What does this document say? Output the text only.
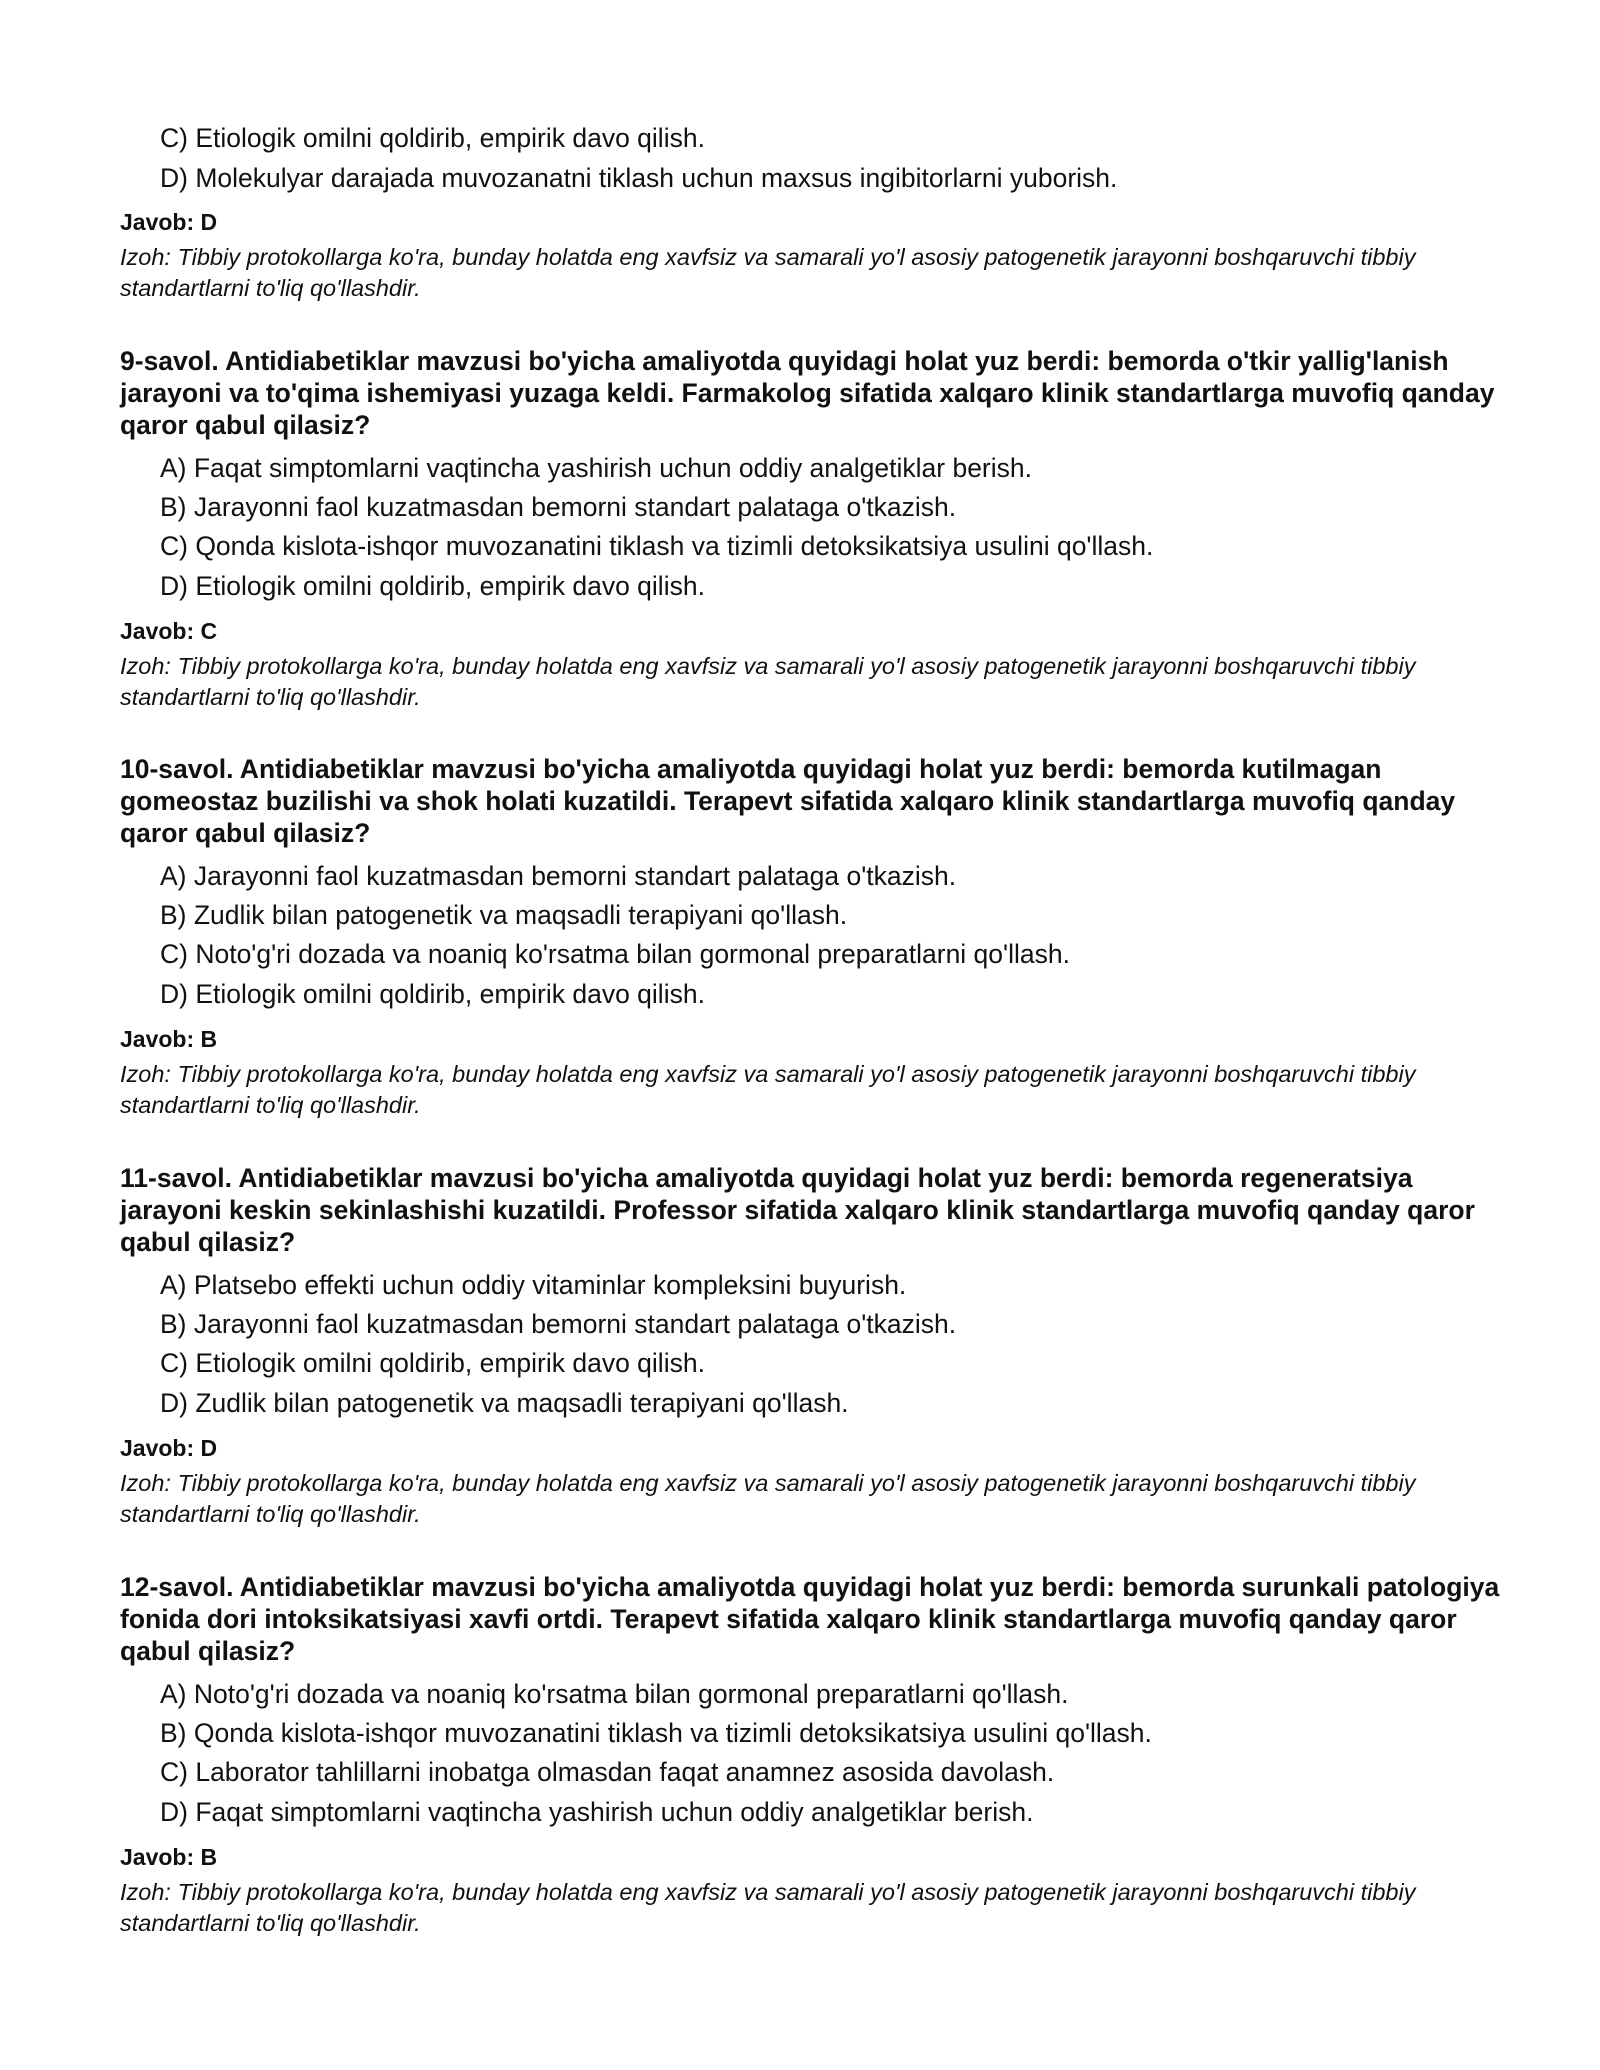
C) Etiologik omilni qoldirib, empirik davo qilish.
D) Molekulyar darajada muvozanatni tiklash uchun maxsus ingibitorlarni yuborish.
Javob: D
Izoh: Tibbiy protokollarga ko'ra, bunday holatda eng xavfsiz va samarali yo'l asosiy patogenetik jarayonni boshqaruvchi tibbiy standartlarni to'liq qo'llashdir.
9-savol. Antidiabetiklar mavzusi bo'yicha amaliyotda quyidagi holat yuz berdi: bemorda o'tkir yallig'lanish jarayoni va to'qima ishemiyasi yuzaga keldi. Farmakolog sifatida xalqaro klinik standartlarga muvofiq qanday qaror qabul qilasiz?
A) Faqat simptomlarni vaqtincha yashirish uchun oddiy analgetiklar berish.
B) Jarayonni faol kuzatmasdan bemorni standart palataga o'tkazish.
C) Qonda kislota-ishqor muvozanatini tiklash va tizimli detoksikatsiya usulini qo'llash.
D) Etiologik omilni qoldirib, empirik davo qilish.
Javob: C
Izoh: Tibbiy protokollarga ko'ra, bunday holatda eng xavfsiz va samarali yo'l asosiy patogenetik jarayonni boshqaruvchi tibbiy standartlarni to'liq qo'llashdir.
10-savol. Antidiabetiklar mavzusi bo'yicha amaliyotda quyidagi holat yuz berdi: bemorda kutilmagan gomeostaz buzilishi va shok holati kuzatildi. Terapevt sifatida xalqaro klinik standartlarga muvofiq qanday qaror qabul qilasiz?
A) Jarayonni faol kuzatmasdan bemorni standart palataga o'tkazish.
B) Zudlik bilan patogenetik va maqsadli terapiyani qo'llash.
C) Noto'g'ri dozada va noaniq ko'rsatma bilan gormonal preparatlarni qo'llash.
D) Etiologik omilni qoldirib, empirik davo qilish.
Javob: B
Izoh: Tibbiy protokollarga ko'ra, bunday holatda eng xavfsiz va samarali yo'l asosiy patogenetik jarayonni boshqaruvchi tibbiy standartlarni to'liq qo'llashdir.
11-savol. Antidiabetiklar mavzusi bo'yicha amaliyotda quyidagi holat yuz berdi: bemorda regeneratsiya jarayoni keskin sekinlashishi kuzatildi. Professor sifatida xalqaro klinik standartlarga muvofiq qanday qaror qabul qilasiz?
A) Platsebo effekti uchun oddiy vitaminlar kompleksini buyurish.
B) Jarayonni faol kuzatmasdan bemorni standart palataga o'tkazish.
C) Etiologik omilni qoldirib, empirik davo qilish.
D) Zudlik bilan patogenetik va maqsadli terapiyani qo'llash.
Javob: D
Izoh: Tibbiy protokollarga ko'ra, bunday holatda eng xavfsiz va samarali yo'l asosiy patogenetik jarayonni boshqaruvchi tibbiy standartlarni to'liq qo'llashdir.
12-savol. Antidiabetiklar mavzusi bo'yicha amaliyotda quyidagi holat yuz berdi: bemorda surunkali patologiya fonida dori intoksikatsiyasi xavfi ortdi. Terapevt sifatida xalqaro klinik standartlarga muvofiq qanday qaror qabul qilasiz?
A) Noto'g'ri dozada va noaniq ko'rsatma bilan gormonal preparatlarni qo'llash.
B) Qonda kislota-ishqor muvozanatini tiklash va tizimli detoksikatsiya usulini qo'llash.
C) Laborator tahlillarni inobatga olmasdan faqat anamnez asosida davolash.
D) Faqat simptomlarni vaqtincha yashirish uchun oddiy analgetiklar berish.
Javob: B
Izoh: Tibbiy protokollarga ko'ra, bunday holatda eng xavfsiz va samarali yo'l asosiy patogenetik jarayonni boshqaruvchi tibbiy standartlarni to'liq qo'llashdir.
